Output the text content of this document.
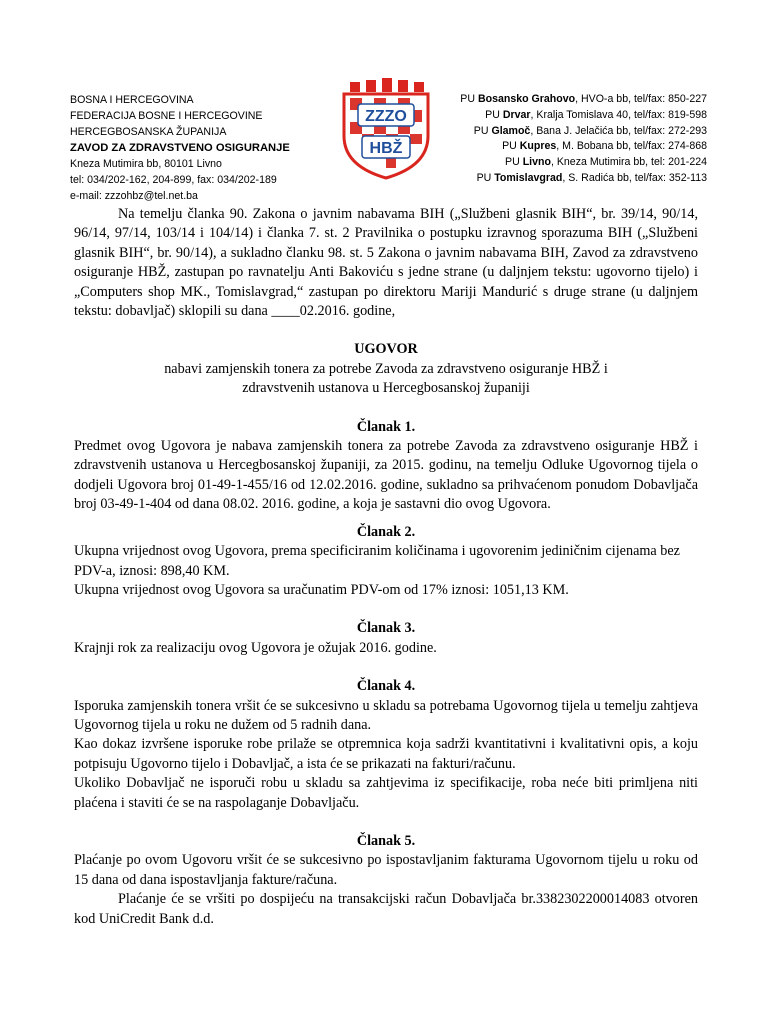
BOSNA I HERCEGOVINA
FEDERACIJA BOSNE I HERCEGOVINE
HERCEGBOSANSKA ŽUPANIJA
ZAVOD ZA ZDRAVSTVENO OSIGURANJE
Kneza Mutimira bb, 80101 Livno
tel: 034/202-162, 204-899, fax: 034/202-189
e-mail: zzzohbz@tel.net.ba
ZZZO
HBŽ
PU Bosansko Grahovo, HVO-a bb, tel/fax: 850-227
PU Drvar, Kralja Tomislava 40, tel/fax: 819-598
PU Glamoč, Bana J. Jelačića bb, tel/fax: 272-293
PU Kupres, M. Bobana bb, tel/fax: 274-868
PU Livno, Kneza Mutimira bb, tel: 201-224
PU Tomislavgrad, S. Radića bb, tel/fax: 352-113

Na temelju članka 90. Zakona o javnim nabavama BIH („Službeni glasnik BIH“, br. 39/14, 90/14, 96/14, 97/14, 103/14 i 104/14) i članka 7. st. 2 Pravilnika o postupku izravnog sporazuma BIH („Službeni glasnik BIH“, br. 90/14), a sukladno članku 98. st. 5 Zakona o javnim nabavama BIH, Zavod za zdravstveno osiguranje HBŽ, zastupan po ravnatelju Anti Bakoviću s jedne strane (u daljnjem tekstu: ugovorno tijelo) i „Computers shop MK., Tomislavgrad,“ zastupan po direktoru Mariji Mandurić s druge strane (u daljnjem tekstu: dobavljač) sklopili su dana ____02.2016. godine,

UGOVOR

nabavi zamjenskih tonera za potrebe Zavoda za zdravstveno osiguranje HBŽ i zdravstvenih ustanova u Hercegbosanskoj županiji

Članak 1.

Predmet ovog Ugovora je nabava zamjenskih tonera za potrebe Zavoda za zdravstveno osiguranje HBŽ i zdravstvenih ustanova u Hercegbosanskoj županiji, za 2015. godinu, na temelju Odluke Ugovornog tijela o dodjeli Ugovora broj 01-49-1-455/16 od 12.02.2016. godine, sukladno sa prihvaćenom ponudom Dobavljača broj 03-49-1-404 od dana 08.02. 2016. godine, a koja je sastavni dio ovog Ugovora.

Članak 2.

Ukupna vrijednost ovog Ugovora, prema specificiranim količinama i ugovorenim jediničnim cijenama bez PDV-a, iznosi: 898,40 KM.

Ukupna vrijednost ovog Ugovora sa uračunatim PDV-om od 17% iznosi: 1051,13 KM.

Članak 3.

Krajnji rok za realizaciju ovog Ugovora je ožujak 2016. godine.

Članak 4.

Isporuka zamjenskih tonera vršit će se sukcesivno u skladu sa potrebama Ugovornog tijela u temelju zahtjeva Ugovornog tijela u roku ne dužem od 5 radnih dana.

Kao dokaz izvršene isporuke robe prilaže se otpremnica koja sadrži kvantitativni i kvalitativni opis, a koju potpisuju Ugovorno tijelo i Dobavljač, a ista će se prikazati na fakturi/računu.

Ukoliko Dobavljač ne isporuči robu u skladu sa zahtjevima iz specifikacije, roba neće biti primljena niti plaćena i staviti će se na raspolaganje Dobavljaču.

Članak 5.

Plaćanje po ovom Ugovoru vršit će se sukcesivno po ispostavljanim fakturama Ugovornom tijelu u roku od 15 dana od dana ispostavljanja fakture/računa.

Plaćanje će se vršiti po dospijeću na transakcijski račun Dobavljača br.3382302200014083 otvoren kod UniCredit Bank d.d.
